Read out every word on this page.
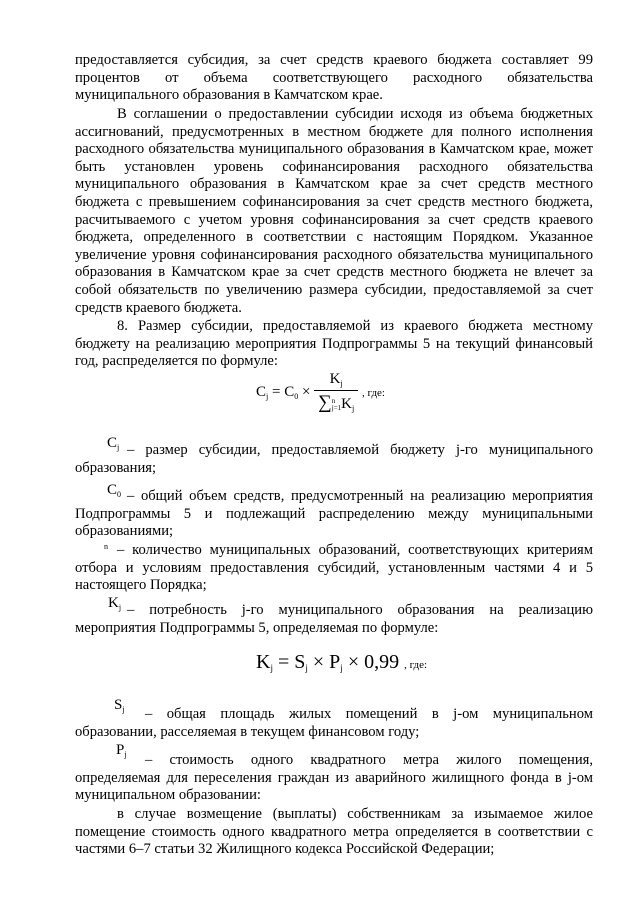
предоставляется субсидия, за счет средств краевого бюджета составляет 99 процентов от объема соответствующего расходного обязательства муниципального образования в Камчатском крае.

В соглашении о предоставлении субсидии исходя из объема бюджетных ассигнований, предусмотренных в местном бюджете для полного исполнения расходного обязательства муниципального образования в Камчатском крае, может быть установлен уровень софинансирования расходного обязательства муниципального образования в Камчатском крае за счет средств местного бюджета с превышением софинансирования за счет средств местного бюджета, расчитываемого с учетом уровня софинансирования за счет средств краевого бюджета, определенного в соответствии с настоящим Порядком. Указанное увеличение уровня софинансирования расходного обязательства муниципального образования в Камчатском крае за счет средств местного бюджета не влечет за собой обязательств по увеличению размера субсидии, предоставляемой за счет средств краевого бюджета.

8. Размер субсидии, предоставляемой из краевого бюджета местному бюджету на реализацию мероприятия Подпрограммы 5 на текущий финансовый год, распределяется по формуле:

$C_j = C_0 \times K_j$
∑ n
j=1 $K_j$ , где:
$C_j$ – размер субсидии, предоставляемой бюджету j-го муниципального образования;

$C_0$ – общий объем средств, предусмотренный на реализацию мероприятия Подпрограммы 5 и подлежащий распределению между муниципальными образованиями;

n – количество муниципальных образований, соответствующих критериям отбора и условиям предоставления субсидий, установленным частями 4 и 5 настоящего Порядка;

$K_j$ – потребность j-го муниципального образования на реализацию мероприятия Подпрограммы 5, определяемая по формуле:

$K_j = S_j \times P_j \times 0,99$ , где:
$S_j$	– общая площадь жилых помещений в j-ом муниципальном образовании, расселяемая в текущем финансовом году;

$P_j$	– стоимость одного квадратного метра жилого помещения, определяемая для переселения граждан из аварийного жилищного фонда в j-ом муниципальном образовании:

в случае возмещение (выплаты) собственникам за изымаемое жилое помещение стоимость одного квадратного метра определяется в соответствии с частями 6–7 статьи 32 Жилищного кодекса Российской Федерации;
